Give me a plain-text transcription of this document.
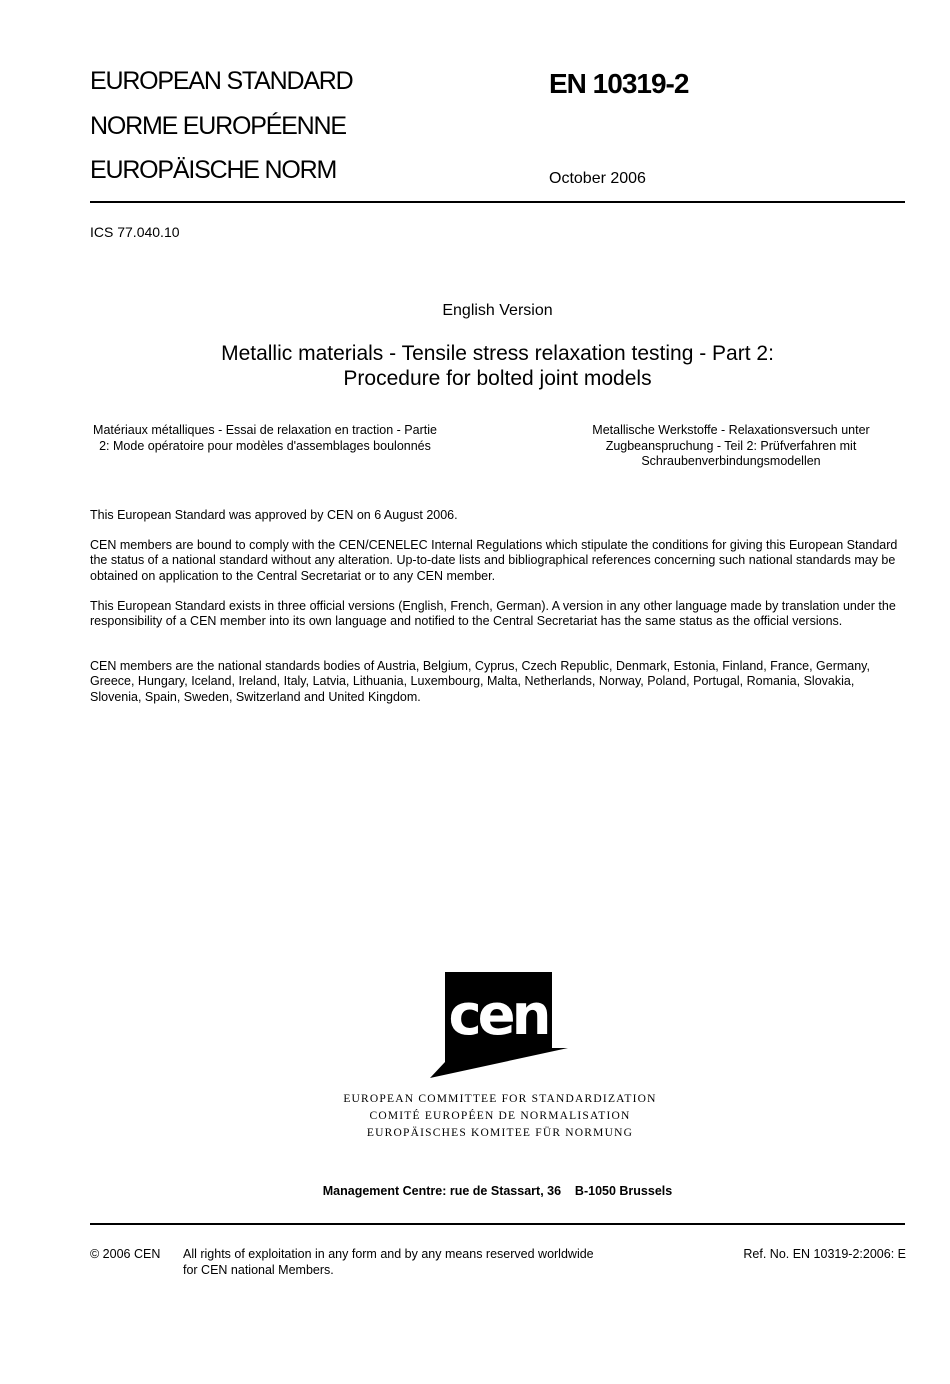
EUROPEAN STANDARD
NORME EUROPÉENNE
EUROPÄISCHE NORM
EN 10319-2
October 2006
ICS 77.040.10
English Version
Metallic materials - Tensile stress relaxation testing - Part 2:
Procedure for bolted joint models
Matériaux métalliques - Essai de relaxation en traction - Partie 2: Mode opératoire pour modèles d'assemblages boulonnés
Metallische Werkstoffe - Relaxationsversuch unter Zugbeanspruchung - Teil 2: Prüfverfahren mit Schraubenverbindungsmodellen
This European Standard was approved by CEN on 6 August 2006.
CEN members are bound to comply with the CEN/CENELEC Internal Regulations which stipulate the conditions for giving this European Standard the status of a national standard without any alteration. Up-to-date lists and bibliographical references concerning such national standards may be obtained on application to the Central Secretariat or to any CEN member.
This European Standard exists in three official versions (English, French, German). A version in any other language made by translation under the responsibility of a CEN member into its own language and notified to the Central Secretariat has the same status as the official versions.
CEN members are the national standards bodies of Austria, Belgium, Cyprus, Czech Republic, Denmark, Estonia, Finland, France, Germany, Greece, Hungary, Iceland, Ireland, Italy, Latvia, Lithuania, Luxembourg, Malta, Netherlands, Norway, Poland, Portugal, Romania, Slovakia, Slovenia, Spain, Sweden, Switzerland and United Kingdom.
cen
EUROPEAN COMMITTEE FOR STANDARDIZATION
COMITÉ EUROPÉEN DE NORMALISATION
EUROPÄISCHES KOMITEE FÜR NORMUNG
Management Centre: rue de Stassart, 36    B-1050 Brussels
© 2006 CEN All rights of exploitation in any form and by any means reserved worldwide for CEN national Members.
Ref. No. EN 10319-2:2006: E
